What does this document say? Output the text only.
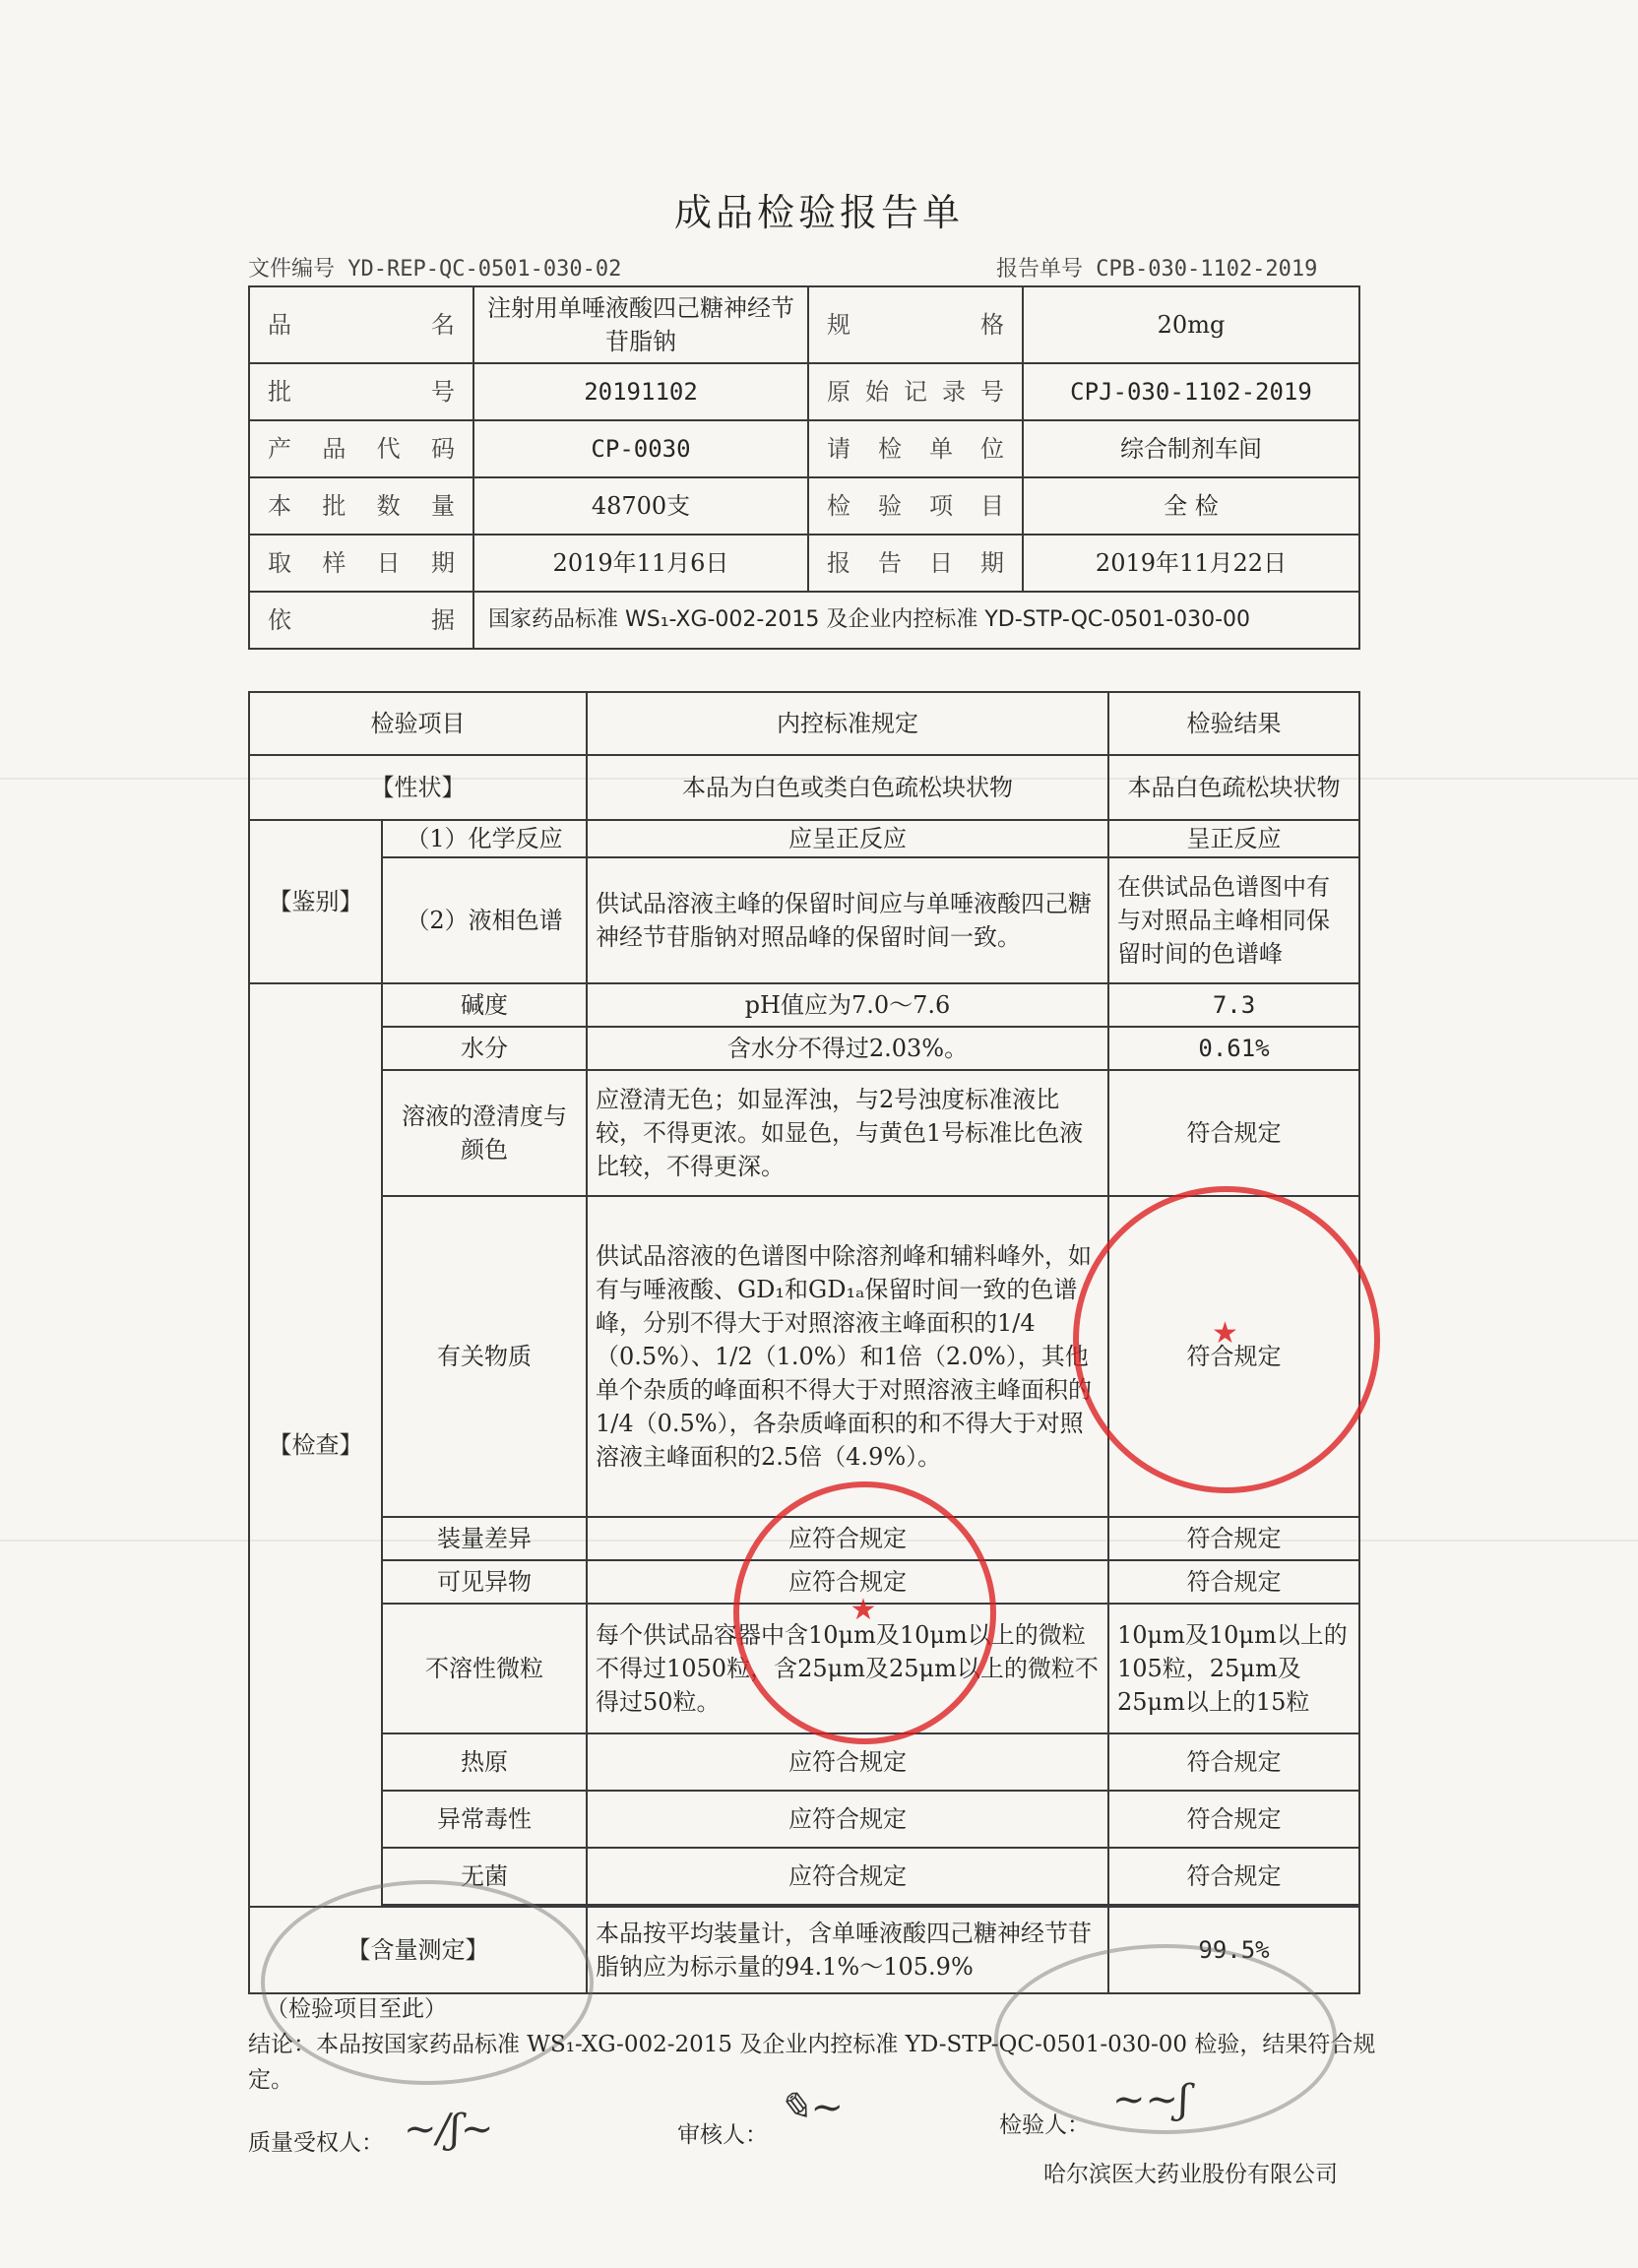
成品检验报告单
文件编号 YD-REP-QC-0501-030-02	报告单号 CPB-030-1102-2019
品名	注射用单唾液酸四己糖神经节苷脂钠	规格	20mg
批号	20191102	原始记录号	CPJ-030-1102-2019
产品代码	CP-0030	请检单位	综合制剂车间
本批数量	48700支	检验项目	全 检
取样日期	2019年11月6日	报告日期	2019年11月22日
依据	国家药品标准 WS₁-XG-002-2015 及企业内控标准 YD-STP-QC-0501-030-00		
检验项目		内控标准规定	检验结果
【性状】		本品为白色或类白色疏松块状物	本品白色疏松块状物
【鉴别】	（1）化学反应	应呈正反应	呈正反应
	（2）液相色谱	供试品溶液主峰的保留时间应与单唾液酸四己糖神经节苷脂钠对照品峰的保留时间一致。	在供试品色谱图中有与对照品主峰相同保留时间的色谱峰
【检查】	碱度	pH值应为7.0～7.6	7.3
	水分	含水分不得过2.03%。	0.61%
	溶液的澄清度与颜色	应澄清无色；如显浑浊，与2号浊度标准液比较，不得更浓。如显色，与黄色1号标准比色液比较，不得更深。	符合规定
	有关物质	供试品溶液的色谱图中除溶剂峰和辅料峰外，如有与唾液酸、GD₁和GD₁ₐ保留时间一致的色谱峰，分别不得大于对照溶液主峰面积的1/4（0.5%）、1/2（1.0%）和1倍（2.0%），其他单个杂质的峰面积不得大于对照溶液主峰面积的1/4（0.5%），各杂质峰面积的和不得大于对照溶液主峰面积的2.5倍（4.9%）。	符合规定
	装量差异	应符合规定	符合规定
	可见异物	应符合规定	符合规定
	不溶性微粒	每个供试品容器中含10μm及10μm以上的微粒不得过1050粒，含25μm及25μm以上的微粒不得过50粒。	10μm及10μm以上的105粒，25μm及25μm以上的15粒
	热原	应符合规定	符合规定
	异常毒性	应符合规定	符合规定
	无菌	应符合规定	符合规定

【含量测定】		本品按平均装量计，含单唾液酸四己糖神经节苷脂钠应为标示量的94.1%～105.9%	99.5%
★
★
（检验项目至此）
结论：本品按国家药品标准 WS₁-XG-002-2015 及企业内控标准 YD-STP-QC-0501-030-00 检验，结果符合规定。
质量受权人： ~/ʃ~	审核人：
✎~	检验人：
~~ʃ
哈尔滨医大药业股份有限公司
